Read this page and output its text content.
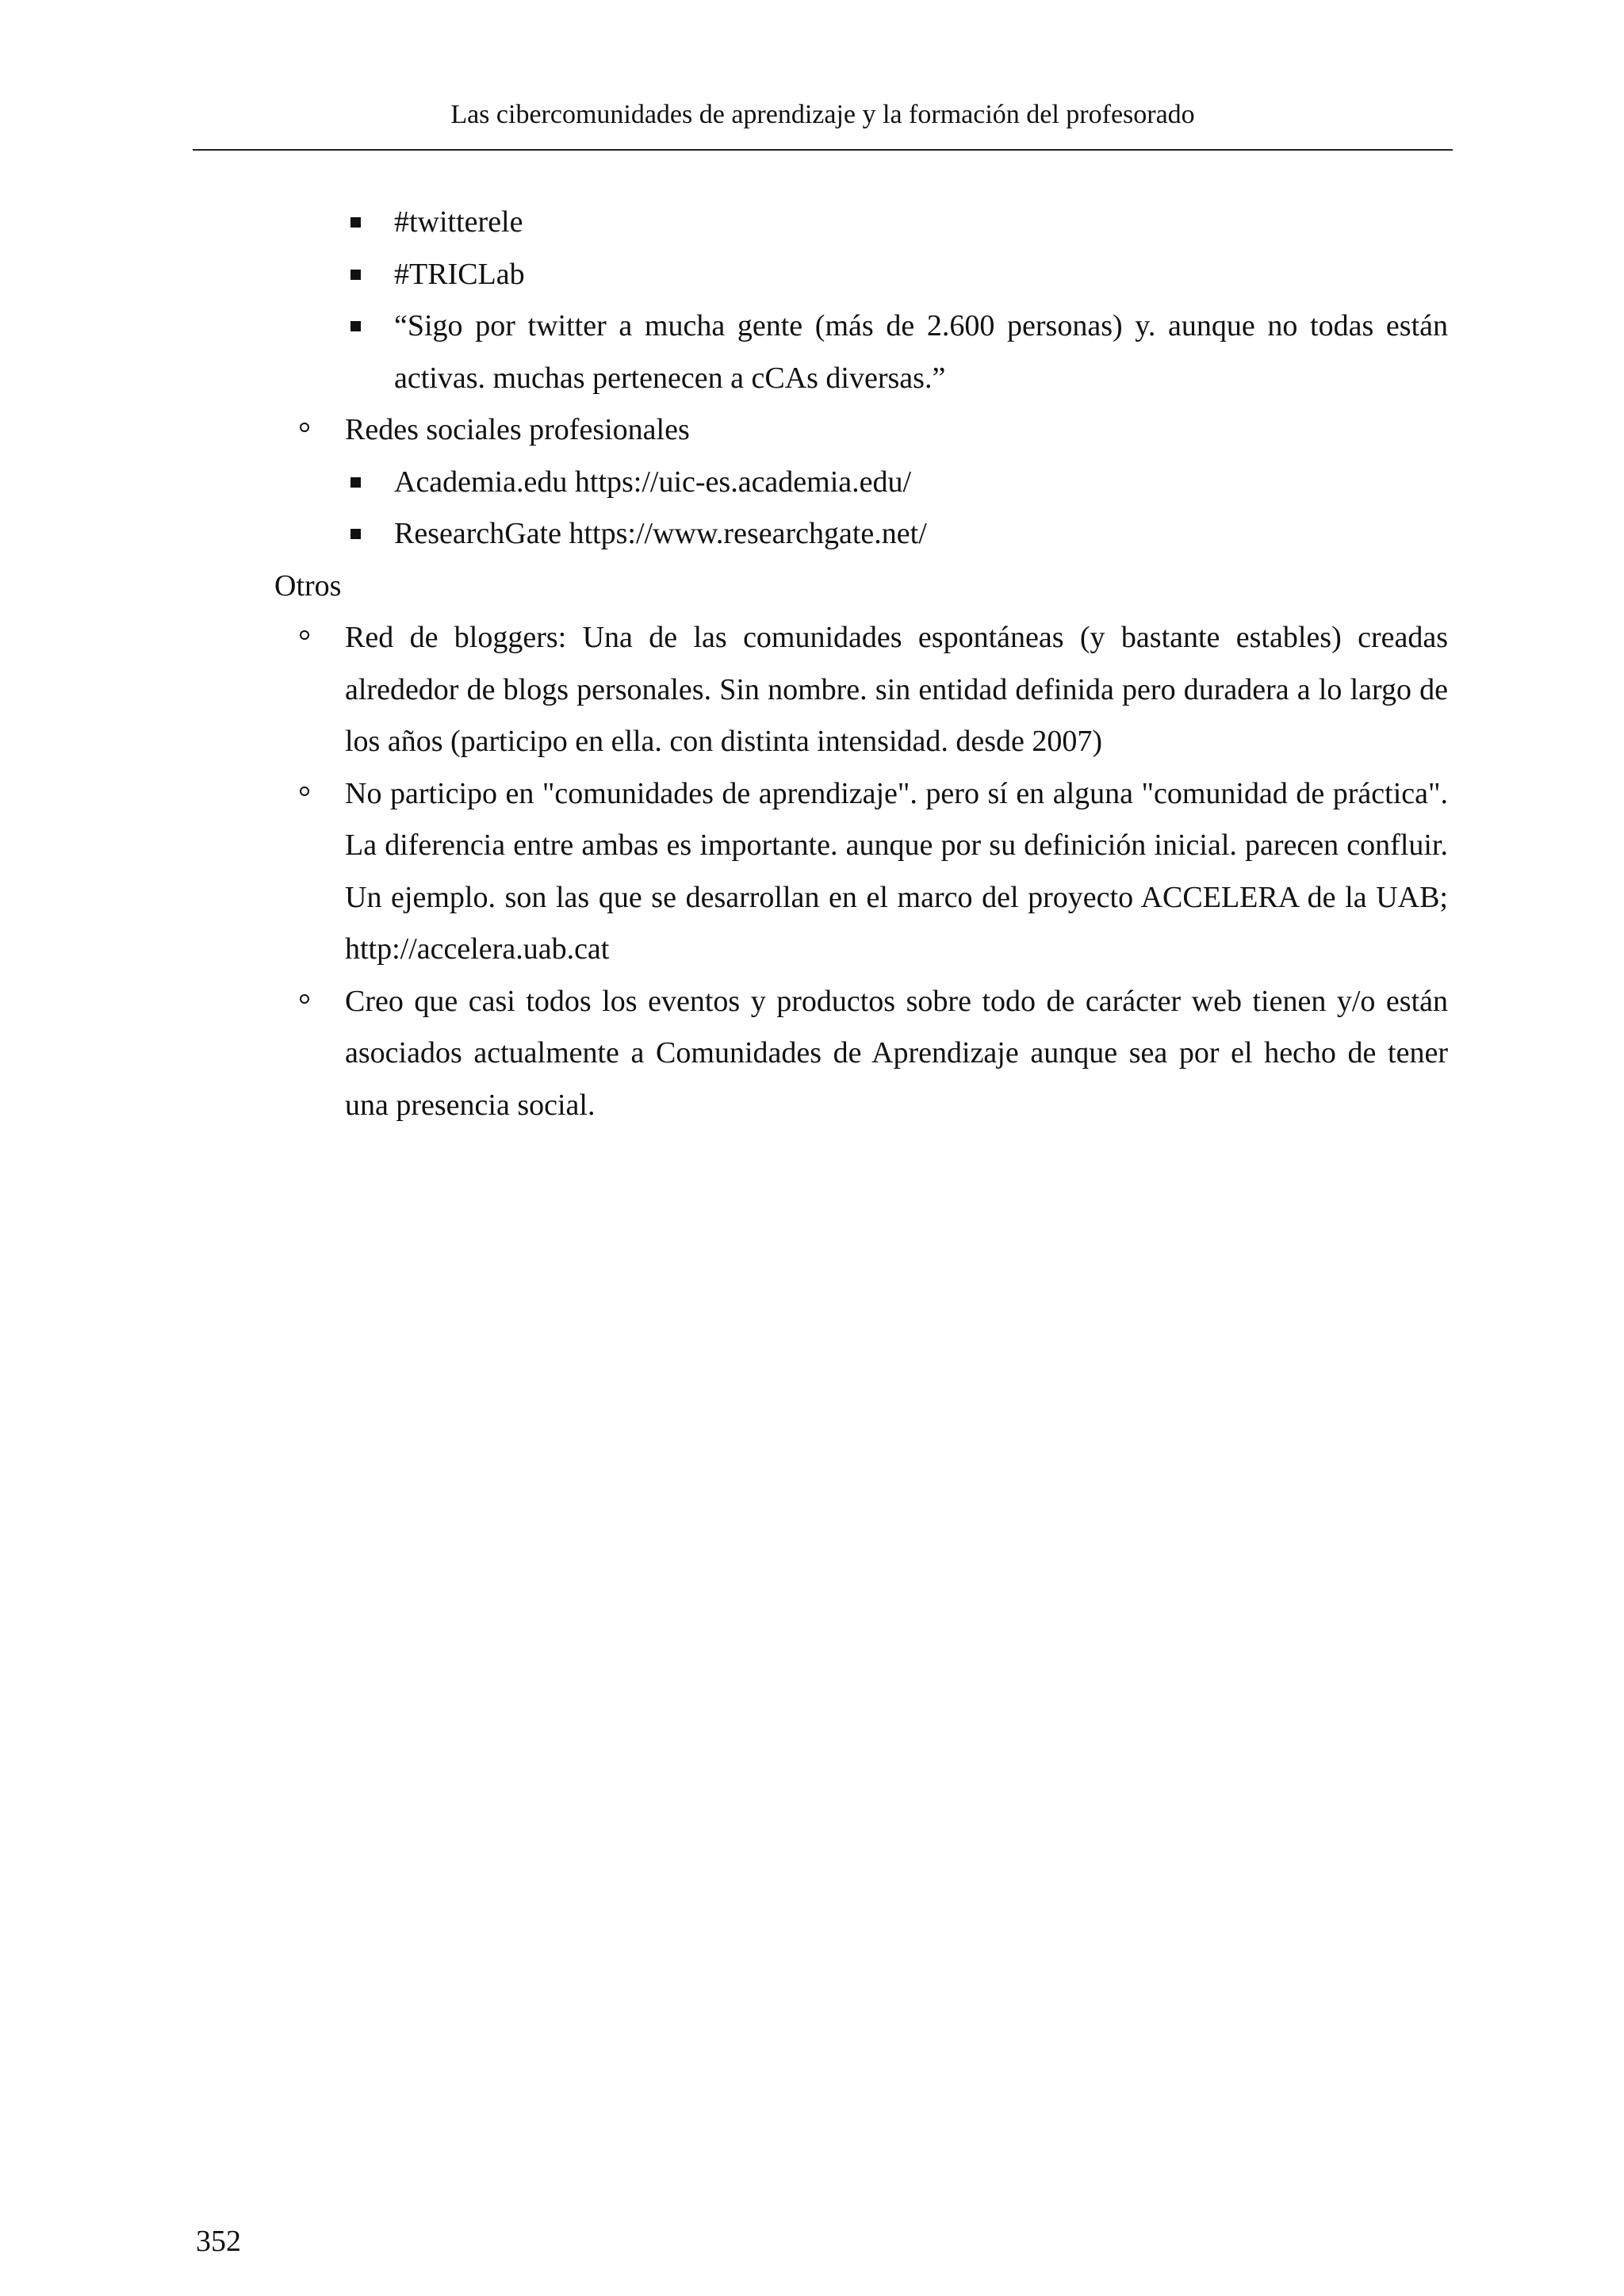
Las cibercomunidades de aprendizaje y la formación del profesorado
#twitterele
#TRICLab
“Sigo por twitter a mucha gente (más de 2.600 personas) y. aunque no todas están activas. muchas pertenecen a cCAs diversas.”
Redes sociales profesionales
Academia.edu https://uic-es.academia.edu/
ResearchGate https://www.researchgate.net/
Otros
Red de bloggers: Una de las comunidades espontáneas (y bastante estables) creadas alrededor de blogs personales. Sin nombre. sin entidad definida pero duradera a lo largo de los años (participo en ella. con distinta intensidad. desde 2007)
No participo en "comunidades de aprendizaje". pero sí en alguna "comunidad de práctica". La diferencia entre ambas es importante. aunque por su definición inicial. parecen confluir. Un ejemplo. son las que se desarrollan en el marco del proyecto ACCELERA de la UAB; http://accelera.uab.cat
Creo que casi todos los eventos y productos sobre todo de carácter web tienen y/o están asociados actualmente a Comunidades de Aprendizaje aunque sea por el hecho de tener una presencia social.
352
